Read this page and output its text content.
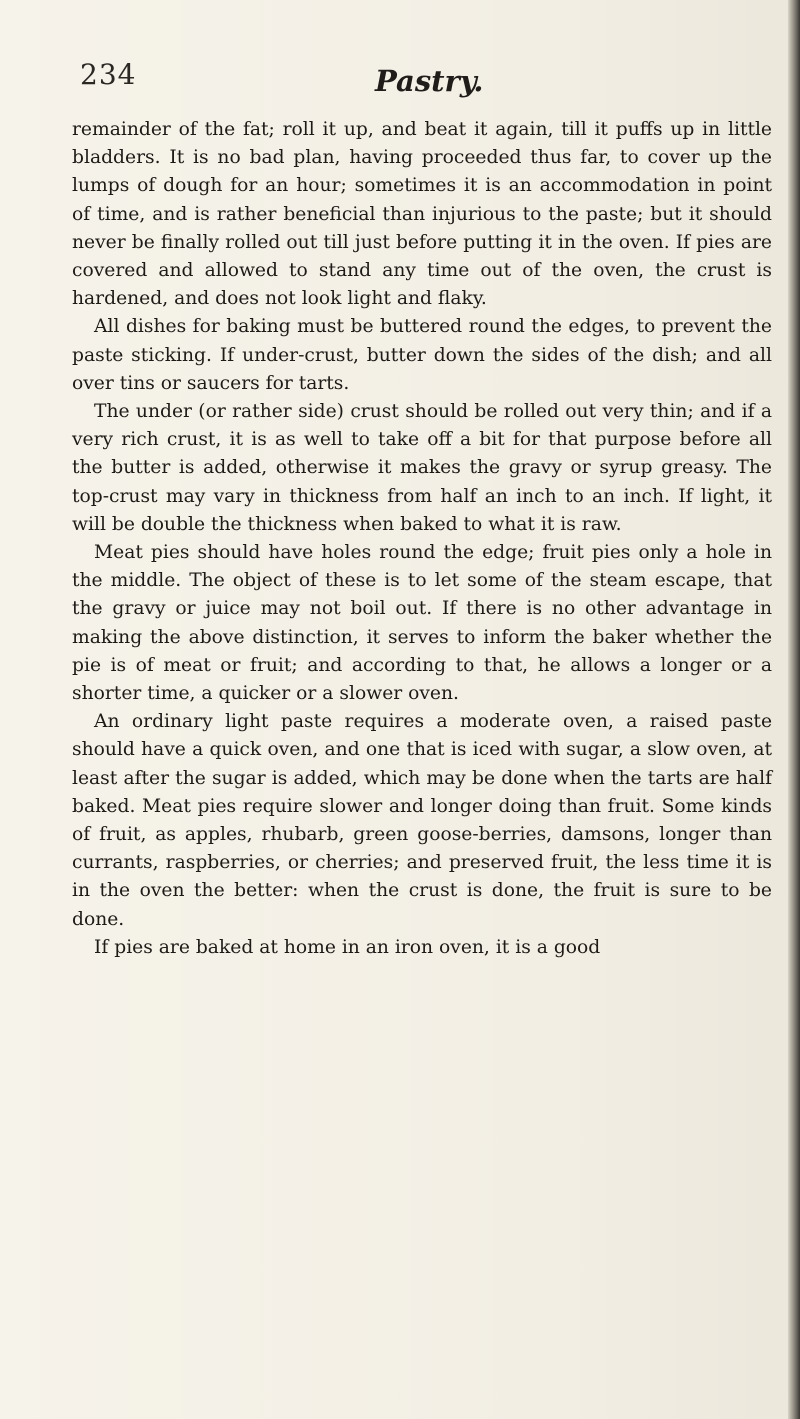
234	Pastry.

remainder of the fat; roll it up, and beat it again, till it puffs up in little bladders. It is no bad plan, having proceeded thus far, to cover up the lumps of dough for an hour; sometimes it is an accommodation in point of time, and is rather beneficial than injurious to the paste; but it should never be finally rolled out till just before putting it in the oven. If pies are covered and allowed to stand any time out of the oven, the crust is hardened, and does not look light and flaky.

All dishes for baking must be buttered round the edges, to prevent the paste sticking. If under-crust, butter down the sides of the dish; and all over tins or saucers for tarts.

The under (or rather side) crust should be rolled out very thin; and if a very rich crust, it is as well to take off a bit for that purpose before all the butter is added, otherwise it makes the gravy or syrup greasy. The top-crust may vary in thickness from half an inch to an inch. If light, it will be double the thickness when baked to what it is raw.

Meat pies should have holes round the edge; fruit pies only a hole in the middle. The object of these is to let some of the steam escape, that the gravy or juice may not boil out. If there is no other advantage in making the above distinction, it serves to inform the baker whether the pie is of meat or fruit; and according to that, he allows a longer or a shorter time, a quicker or a slower oven.

An ordinary light paste requires a moderate oven, a raised paste should have a quick oven, and one that is iced with sugar, a slow oven, at least after the sugar is added, which may be done when the tarts are half baked. Meat pies require slower and longer doing than fruit. Some kinds of fruit, as apples, rhubarb, green goose-berries, damsons, longer than currants, raspberries, or cherries; and preserved fruit, the less time it is in the oven the better: when the crust is done, the fruit is sure to be done.

If pies are baked at home in an iron oven, it is a good
